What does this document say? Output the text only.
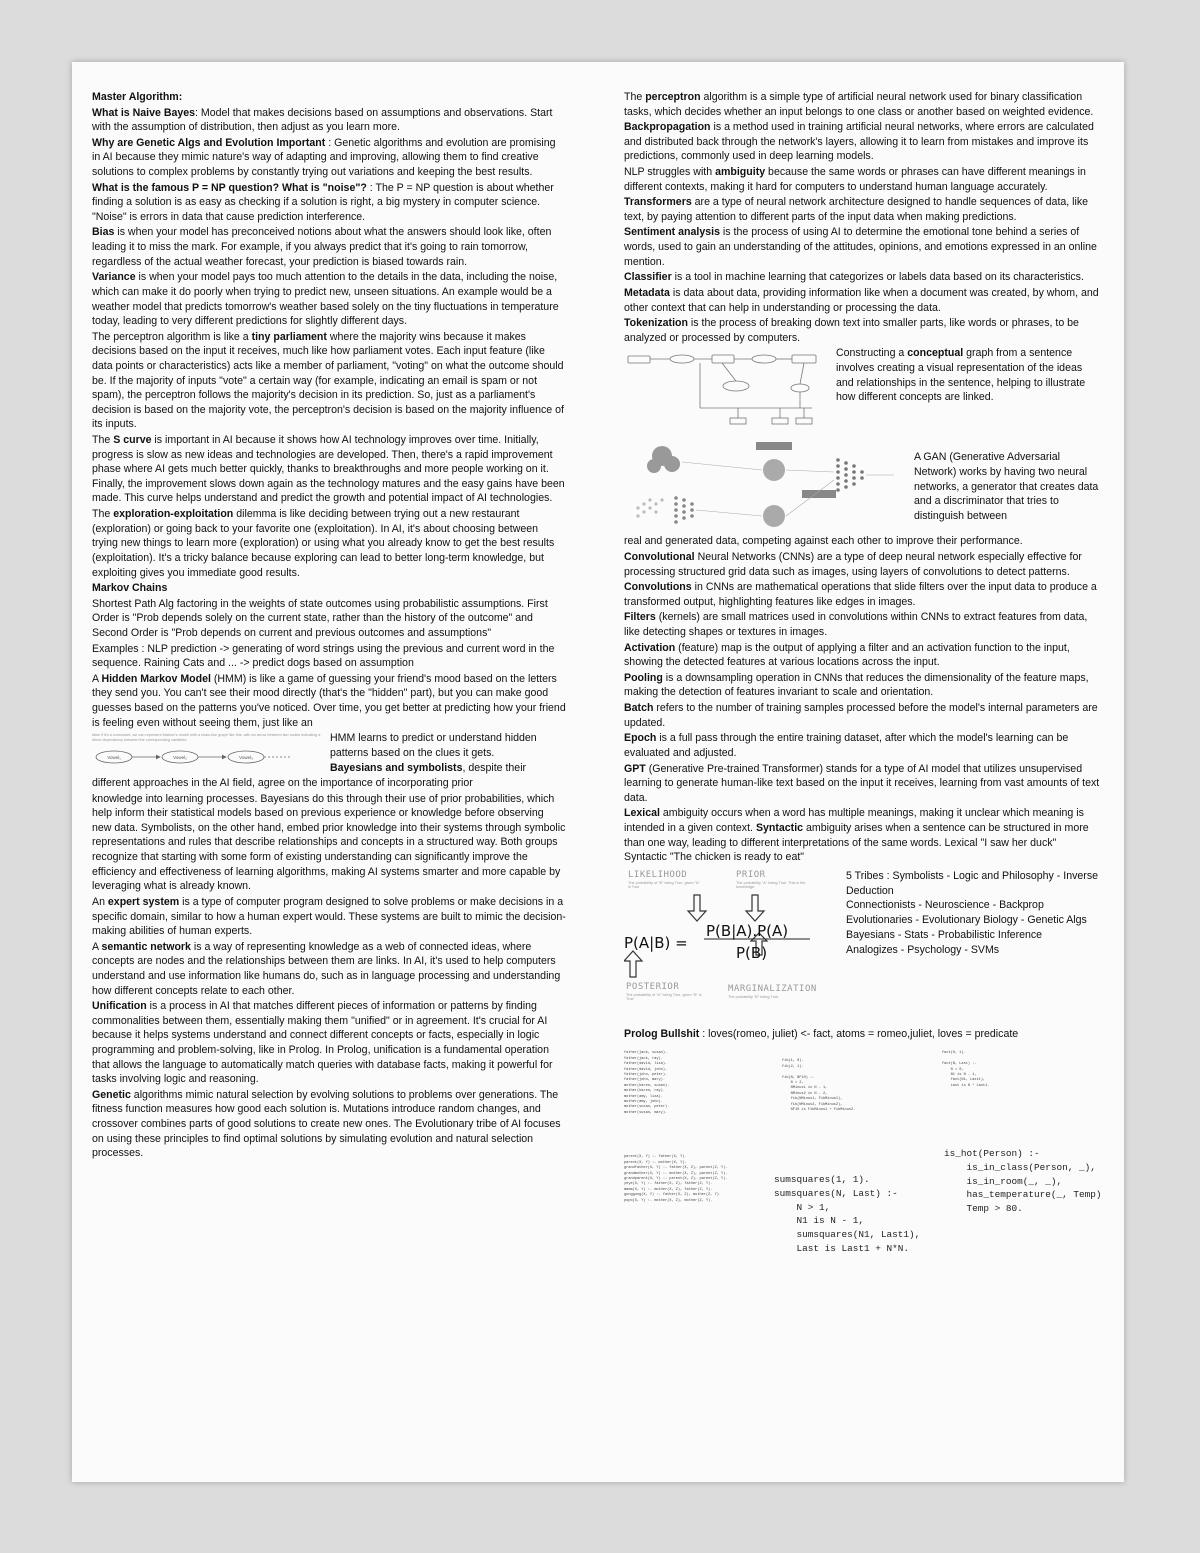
Master Algorithm:

What is Naive Bayes: Model that makes decisions based on assumptions and observations. Start with the assumption of distribution, then adjust as you learn more.

Why are Genetic Algs and Evolution Important : Genetic algorithms and evolution are promising in AI because they mimic nature's way of adapting and improving, allowing them to find creative solutions to complex problems by constantly trying out variations and keeping the best results.

What is the famous P = NP question? What is "noise"? : The P = NP question is about whether finding a solution is as easy as checking if a solution is right, a big mystery in computer science. "Noise" is errors in data that cause prediction interference.

Bias is when your model has preconceived notions about what the answers should look like, often leading it to miss the mark. For example, if you always predict that it's going to rain tomorrow, regardless of the actual weather forecast, your prediction is biased towards rain.

Variance is when your model pays too much attention to the details in the data, including the noise, which can make it do poorly when trying to predict new, unseen situations. An example would be a weather model that predicts tomorrow's weather based solely on the tiny fluctuations in temperature today, leading to very different predictions for slightly different days.

The perceptron algorithm is like a tiny parliament where the majority wins because it makes decisions based on the input it receives, much like how parliament votes. Each input feature (like data points or characteristics) acts like a member of parliament, "voting" on what the outcome should be. If the majority of inputs "vote" a certain way (for example, indicating an email is spam or not spam), the perceptron follows the majority's decision in its prediction. So, just as a parliament's decision is based on the majority vote, the perceptron's decision is based on the majority influence of its inputs.

The S curve is important in AI because it shows how AI technology improves over time. Initially, progress is slow as new ideas and technologies are developed. Then, there's a rapid improvement phase where AI gets much better quickly, thanks to breakthroughs and more people working on it. Finally, the improvement slows down again as the technology matures and the easy gains have been made. This curve helps understand and predict the growth and potential impact of AI technologies.

The exploration-exploitation dilemma is like deciding between trying out a new restaurant (exploration) or going back to your favorite one (exploitation). In AI, it's about choosing between trying new things to learn more (exploration) or using what you already know to get the best results (exploitation). It's a tricky balance because exploring can lead to better long-term knowledge, but exploiting gives you immediate good results.

Markov Chains

Shortest Path Alg factoring in the weights of state outcomes using probabilistic assumptions. First Order is "Prob depends solely on the current state, rather than the history of the outcome" and Second Order is "Prob depends on current and previous outcomes and assumptions"

Examples : NLP prediction -> generating of word strings using the previous and current word in the sequence. Raining Cats and ... -> predict dogs based on assumption

A Hidden Markov Model (HMM) is like a game of guessing your friend's mood based on the letters they send you. You can't see their mood directly (that's the "hidden" part), but you can make good guesses based on the patterns you've noticed. Over time, you get better at predicting how your friend is feeling even without seeing them, just like an

false if it's a consonant, we can represent Markov's model with a chain-like graph like this, with an arrow between two nodes indicating a direct dependency between the corresponding variables:
Vowel₁	Vowel₂	Vowel₃

HMM learns to predict or understand hidden patterns based on the clues it gets.

Bayesians and symbolists, despite their different approaches in the AI field, agree on the importance of incorporating prior

knowledge into learning processes. Bayesians do this through their use of prior probabilities, which help inform their statistical models based on previous experience or knowledge before observing new data. Symbolists, on the other hand, embed prior knowledge into their systems through symbolic representations and rules that describe relationships and concepts in a structured way. Both groups recognize that starting with some form of existing understanding can significantly improve the efficiency and effectiveness of learning algorithms, making AI systems smarter and more capable by leveraging what is already known.

An expert system is a type of computer program designed to solve problems or make decisions in a specific domain, similar to how a human expert would. These systems are built to mimic the decision-making abilities of human experts.

A semantic network is a way of representing knowledge as a web of connected ideas, where concepts are nodes and the relationships between them are links. In AI, it's used to help computers understand and use information like humans do, such as in language processing and understanding how different concepts relate to each other.

Unification is a process in AI that matches different pieces of information or patterns by finding commonalities between them, essentially making them "unified" or in agreement. It's crucial for AI because it helps systems understand and connect different concepts or facts, especially in logic programming and problem-solving, like in Prolog. In Prolog, unification is a fundamental operation that allows the language to automatically match queries with database facts, making it powerful for tasks involving logic and reasoning.

Genetic algorithms mimic natural selection by evolving solutions to problems over generations. The fitness function measures how good each solution is. Mutations introduce random changes, and crossover combines parts of good solutions to create new ones. The Evolutionary tribe of AI focuses on using these principles to find optimal solutions by simulating evolution and natural selection processes.

The perceptron algorithm is a simple type of artificial neural network used for binary classification tasks, which decides whether an input belongs to one class or another based on weighted evidence.

Backpropagation is a method used in training artificial neural networks, where errors are calculated and distributed back through the network's layers, allowing it to learn from mistakes and improve its predictions, commonly used in deep learning models.

NLP struggles with ambiguity because the same words or phrases can have different meanings in different contexts, making it hard for computers to understand human language accurately.

Transformers are a type of neural network architecture designed to handle sequences of data, like text, by paying attention to different parts of the input data when making predictions.

Sentiment analysis is the process of using AI to determine the emotional tone behind a series of words, used to gain an understanding of the attitudes, opinions, and emotions expressed in an online mention.

Classifier is a tool in machine learning that categorizes or labels data based on its characteristics.

Metadata is data about data, providing information like when a document was created, by whom, and other context that can help in understanding or processing the data.

Tokenization is the process of breaking down text into smaller parts, like words or phrases, to be analyzed or processed by computers.

Constructing a conceptual graph from a sentence involves creating a visual representation of the ideas and relationships in the sentence, helping to illustrate how different concepts are linked.

A GAN (Generative Adversarial Network) works by having two neural networks, a generator that creates data and a discriminator that tries to distinguish between

real and generated data, competing against each other to improve their performance.

Convolutional Neural Networks (CNNs) are a type of deep neural network especially effective for processing structured grid data such as images, using layers of convolutions to detect patterns.

Convolutions in CNNs are mathematical operations that slide filters over the input data to produce a transformed output, highlighting features like edges in images.

Filters (kernels) are small matrices used in convolutions within CNNs to extract features from data, like detecting shapes or textures in images.

Activation (feature) map is the output of applying a filter and an activation function to the input, showing the detected features at various locations across the input.

Pooling is a downsampling operation in CNNs that reduces the dimensionality of the feature maps, making the detection of features invariant to scale and orientation.

Batch refers to the number of training samples processed before the model's internal parameters are updated.

Epoch is a full pass through the entire training dataset, after which the model's learning can be evaluated and adjusted.

GPT (Generative Pre-trained Transformer) stands for a type of AI model that utilizes unsupervised learning to generate human-like text based on the input it receives, learning from vast amounts of text data.

Lexical ambiguity occurs when a word has multiple meanings, making it unclear which meaning is intended in a given context. Syntactic ambiguity arises when a sentence can be structured in more than one way, leading to different interpretations of the same words. Lexical "I saw her duck" Syntactic "The chicken is ready to eat"

LIKELIHOOD
The probability of "B" being True, given "A" is True
PRIOR
The probability "A" being True. This is the knowledge.
P(B|A).P(A)
P(A|B) =
P(B)
POSTERIOR
The probability of "A" being True, given "B" is True
MARGINALIZATION
The probability "B" being True.
5 Tribes : Symbolists - Logic and Philosophy - Inverse Deduction
Connectionists - Neuroscience - Backprop
Evolutionaries - Evolutionary Biology - Genetic Algs
Bayesians - Stats - Probabilistic Inference
Analogizes - Psychology - SVMs

Prolog Bullshit : loves(romeo, juliet) <- fact, atoms = romeo,juliet, loves = predicate

father(jack, susan).
father(jack, ray).
father(david, liza).
father(david, john).
father(john, peter).
father(john, mary).
mother(karen, susan).
mother(karen, ray).
mother(amy, liza).
mother(amy, john).
mother(susan, peter).
mother(susan, mary).
parent(X, Y) :- father(X, Y).
parent(X, Y) :- mother(X, Y).
grandfather(X, Y) :- father(X, Z), parent(Z, Y).
grandmother(X, Y) :- mother(X, Z), parent(Z, Y).
grandparent(X, Y) :- parent(X, Z), parent(Z, Y).
yeye(X, Y) :- father(X, Z), father(Z, Y).
mama(X, Y) :- mother(X, Z), father(Z, Y).
gunggung(X, Y) :- father(X, Z), mother(Z, Y).
popo(X, Y) :- mother(X, Z), mother(Z, Y).
fib(1, 0).
fib(2, 1).

fib(N, NF10) :-
N > 2,
NMinus1 is N - 1,
NMinus2 is N - 2,
fib(NMinus1, FibMinus1),
fib(NMinus2, FibMinus2),
NF10 is FibMinus1 + FibMinus2.
fact(0, 1).

fact(N, Last) :-
N > 0,
N1 is N - 1,
fact(N1, Last1),
Last is N * Last1.
sumsquares(1, 1).
sumsquares(N, Last) :-
N > 1,
N1 is N - 1,
sumsquares(N1, Last1),
Last is Last1 + N*N.
is_hot(Person) :-
is_in_class(Person, _),
is_in_room(_, _),
has_temperature(_, Temp)
Temp > 80.
